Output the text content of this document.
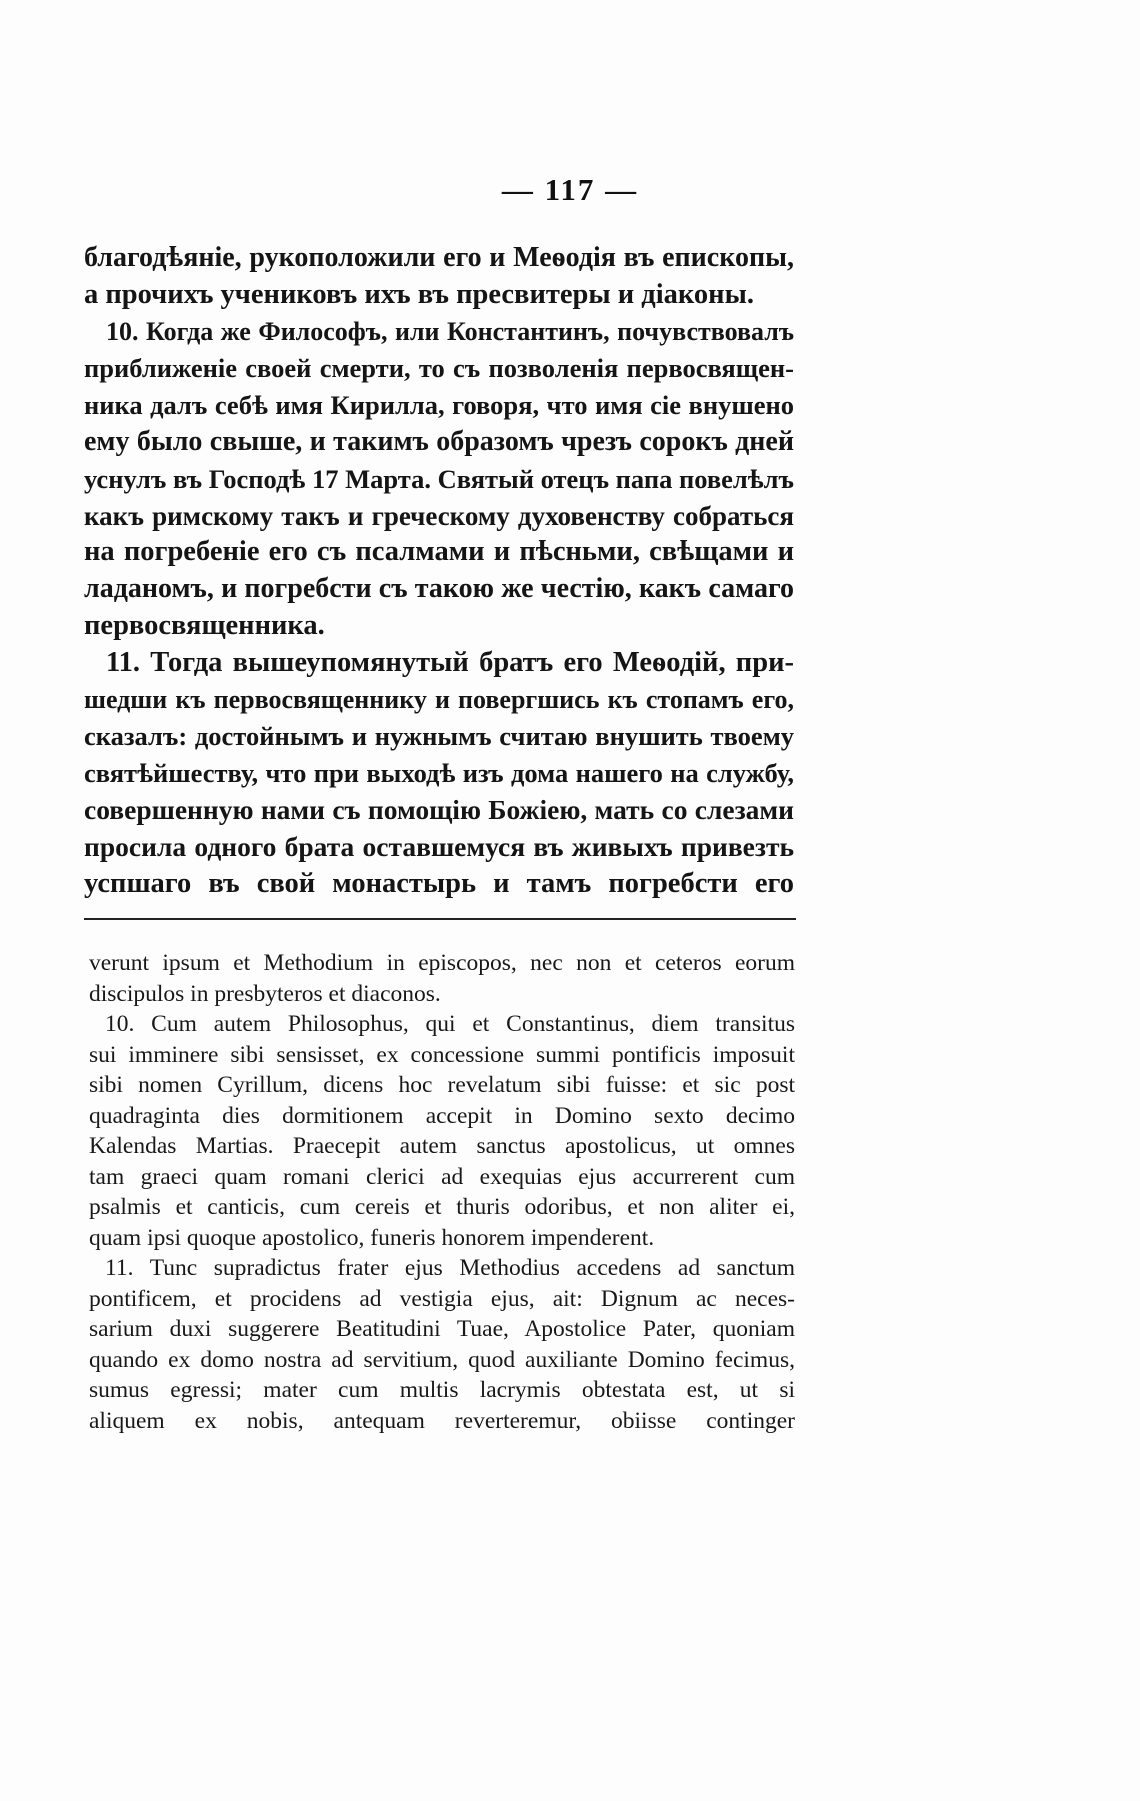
— 117 —
благодѣяніе, рукоположили его и Меѳодія въ епископы,
а прочихъ учениковъ ихъ въ пресвитеры и діаконы.
10. Когда же Философъ, или Константинъ, почувствовалъ
приближеніе своей смерти, то съ позволенія первосвящен-
ника далъ себѣ имя Кирилла, говоря, что имя сіе внушено
ему было свыше, и такимъ образомъ чрезъ сорокъ дней
уснулъ въ Господѣ 17 Марта. Святый отецъ папа повелѣлъ
какъ римскому такъ и греческому духовенству собраться
на погребеніе его съ псалмами и пѣсньми, свѣщами и
ладаномъ, и погребсти съ такою же честію, какъ самаго
первосвященника.
11. Тогда вышеупомянутый братъ его Меѳодій, при-
шедши къ первосвященнику и повергшись къ стопамъ его,
сказалъ: достойнымъ и нужнымъ считаю внушить твоему
святѣйшеству, что при выходѣ изъ дома нашего на службу,
совершенную нами съ помощію Божіею, мать со слезами
просила одного брата оставшемуся въ живыхъ привезть
успшаго въ свой монастырь и тамъ погребсти его
verunt ipsum et Methodium in episcopos, nec non et ceteros eorum
discipulos in presbyteros et diaconos.
10. Cum autem Philosophus, qui et Constantinus, diem transitus
sui imminere sibi sensisset, ex concessione summi pontificis imposuit
sibi nomen Cyrillum, dicens hoc revelatum sibi fuisse: et sic post
quadraginta dies dormitionem accepit in Domino sexto decimo
Kalendas Martias. Praecepit autem sanctus apostolicus, ut omnes
tam graeci quam romani clerici ad exequias ejus accurrerent cum
psalmis et canticis, cum cereis et thuris odoribus, et non aliter ei,
quam ipsi quoque apostolico, funeris honorem impenderent.
11. Tunc supradictus frater ejus Methodius accedens ad sanctum
pontificem, et procidens ad vestigia ejus, ait: Dignum ac neces-
sarium duxi suggerere Beatitudini Tuae, Apostolice Pater, quoniam
quando ex domo nostra ad servitium, quod auxiliante Domino fecimus,
sumus egressi; mater cum multis lacrymis obtestata est, ut si
aliquem ex nobis, antequam reverteremur, obiisse continger
